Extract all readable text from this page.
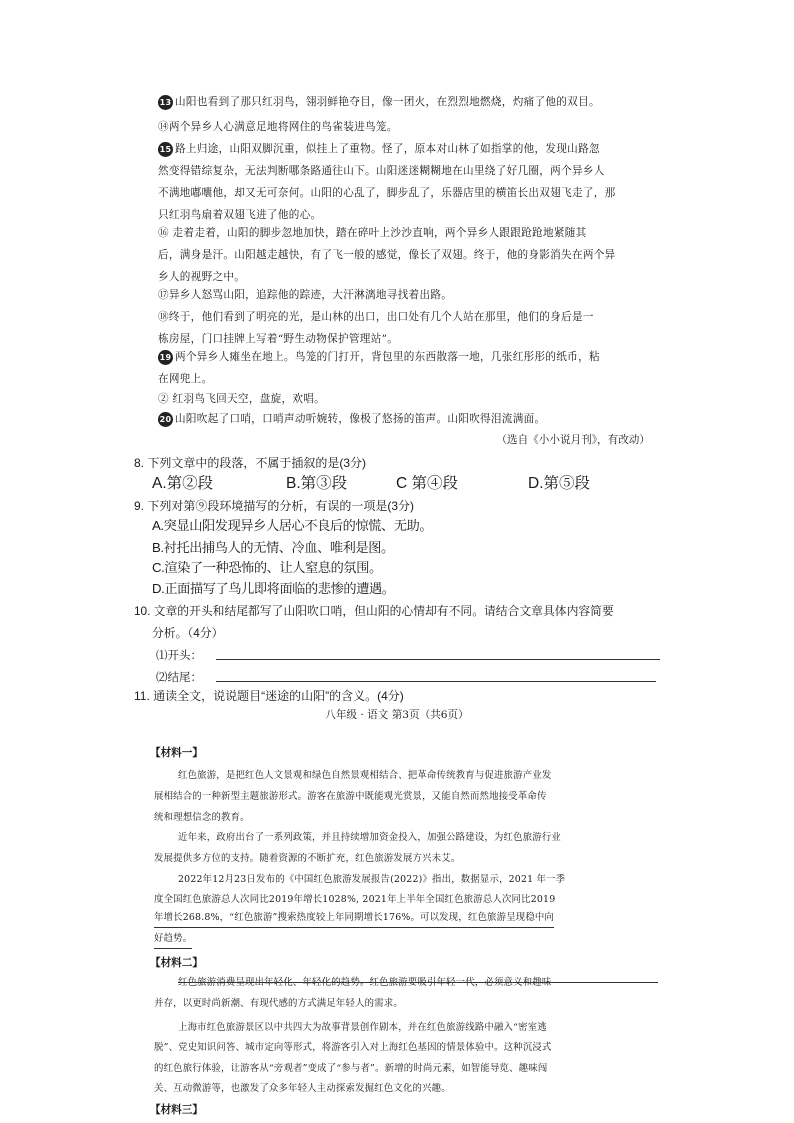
13 山阳也看到了那只红羽鸟，翎羽鲜艳夺目，像一团火，在烈烈地燃烧，灼痛了他的双目。
⑭两个异乡人心满意足地将网住的鸟雀装进鸟笼。
15 路上归途，山阳双脚沉重，似挂上了重物。怪了，原本对山林了如指掌的他，发现山路忽
然变得错综复杂，无法判断哪条路通往山下。山阳迷迷糊糊地在山里绕了好几圈，两个异乡人
不满地嘟囔他，却又无可奈何。山阳的心乱了，脚步乱了，乐器店里的横笛长出双翅飞走了，那
只红羽鸟扇着双翅飞进了他的心。
⑯ 走着走着，山阳的脚步忽地加快，踏在碎叶上沙沙直响，两个异乡人跟跟跄跄地紧随其
后，满身是汗。山阳越走越快，有了飞一般的感觉，像长了双翅。终于，他的身影消失在两个异
乡人的视野之中。
⑰异乡人怒骂山阳，追踪他的踪迹，大汗淋漓地寻找着出路。
⑱终于，他们看到了明亮的光，是山林的出口，出口处有几个人站在那里，他们的身后是一
栋房屋，门口挂牌上写着“野生动物保护管理站”。
19 两个异乡人瘫坐在地上。鸟笼的门打开，背包里的东西散落一地，几张红彤彤的纸币，粘
在网兜上。
② 红羽鸟飞回天空，盘旋，欢唱。
20 山阳吹起了口哨，口哨声动听婉转，像极了悠扬的笛声。山阳吹得泪流满面。
（选自《小小说月刊》，有改动）
8. 下列文章中的段落，不属于插叙的是(3分)
A.第②段	B.第③段	C 第④段	D.第⑤段
9. 下列对第⑨段环境描写的分析，有误的一项是(3分)
A.突显山阳发现异乡人居心不良后的惊慌、无助。
B.衬托出捕鸟人的无情、冷血、唯利是图。
C.渲染了一种恐怖的、让人窒息的氛围。
D.正面描写了鸟儿即将面临的悲惨的遭遇。
10. 文章的开头和结尾都写了山阳吹口哨，但山阳的心情却有不同。请结合文章具体内容简要
分析。（4分）
⑴开头：
⑵结尾：
11. 通读全文，说说题目“迷途的山阳”的含义。(4分)
八年级 · 语文 第3页（共6页）
【材料一】
红色旅游，是把红色人文景观和绿色自然景观相结合、把革命传统教育与促进旅游产业发
展相结合的一种新型主题旅游形式。游客在旅游中既能观光赏景，又能自然而然地接受革命传
统和理想信念的教育。
近年来，政府出台了一系列政策，并且持续增加资金投入，加强公路建设，为红色旅游行业
发展提供多方位的支持。随着资源的不断扩充，红色旅游发展方兴未艾。
2022年12月23日发布的《中国红色旅游发展报告(2022)》指出，数据显示，2021 年一季
度全国红色旅游总人次同比2019年增长1028%, 2021年上半年全国红色旅游总人次同比2019
年增长268.8%，“红色旅游”搜索热度较上年同期增长176%。可以发现，红色旅游呈现稳中向
好趋势。
【材料二】
红色旅游消费呈现出年轻化、年轻化的趋势。红色旅游要吸引年轻一代，必须意义和趣味
并存，以更时尚新潮、有现代感的方式满足年轻人的需求。
上海市红色旅游景区以中共四大为故事背景创作剧本，并在红色旅游线路中融入“密室逃
脱”、党史知识问答、城市定向等形式，将游客引入对上海红色基因的情景体验中。这种沉浸式
的红色旅行体验，让游客从“旁观者”变成了“参与者”。新增的时尚元素，如智能导览、趣味闯
关、互动微游等，也激发了众多年轻人主动探索发掘红色文化的兴趣。
【材料三】
